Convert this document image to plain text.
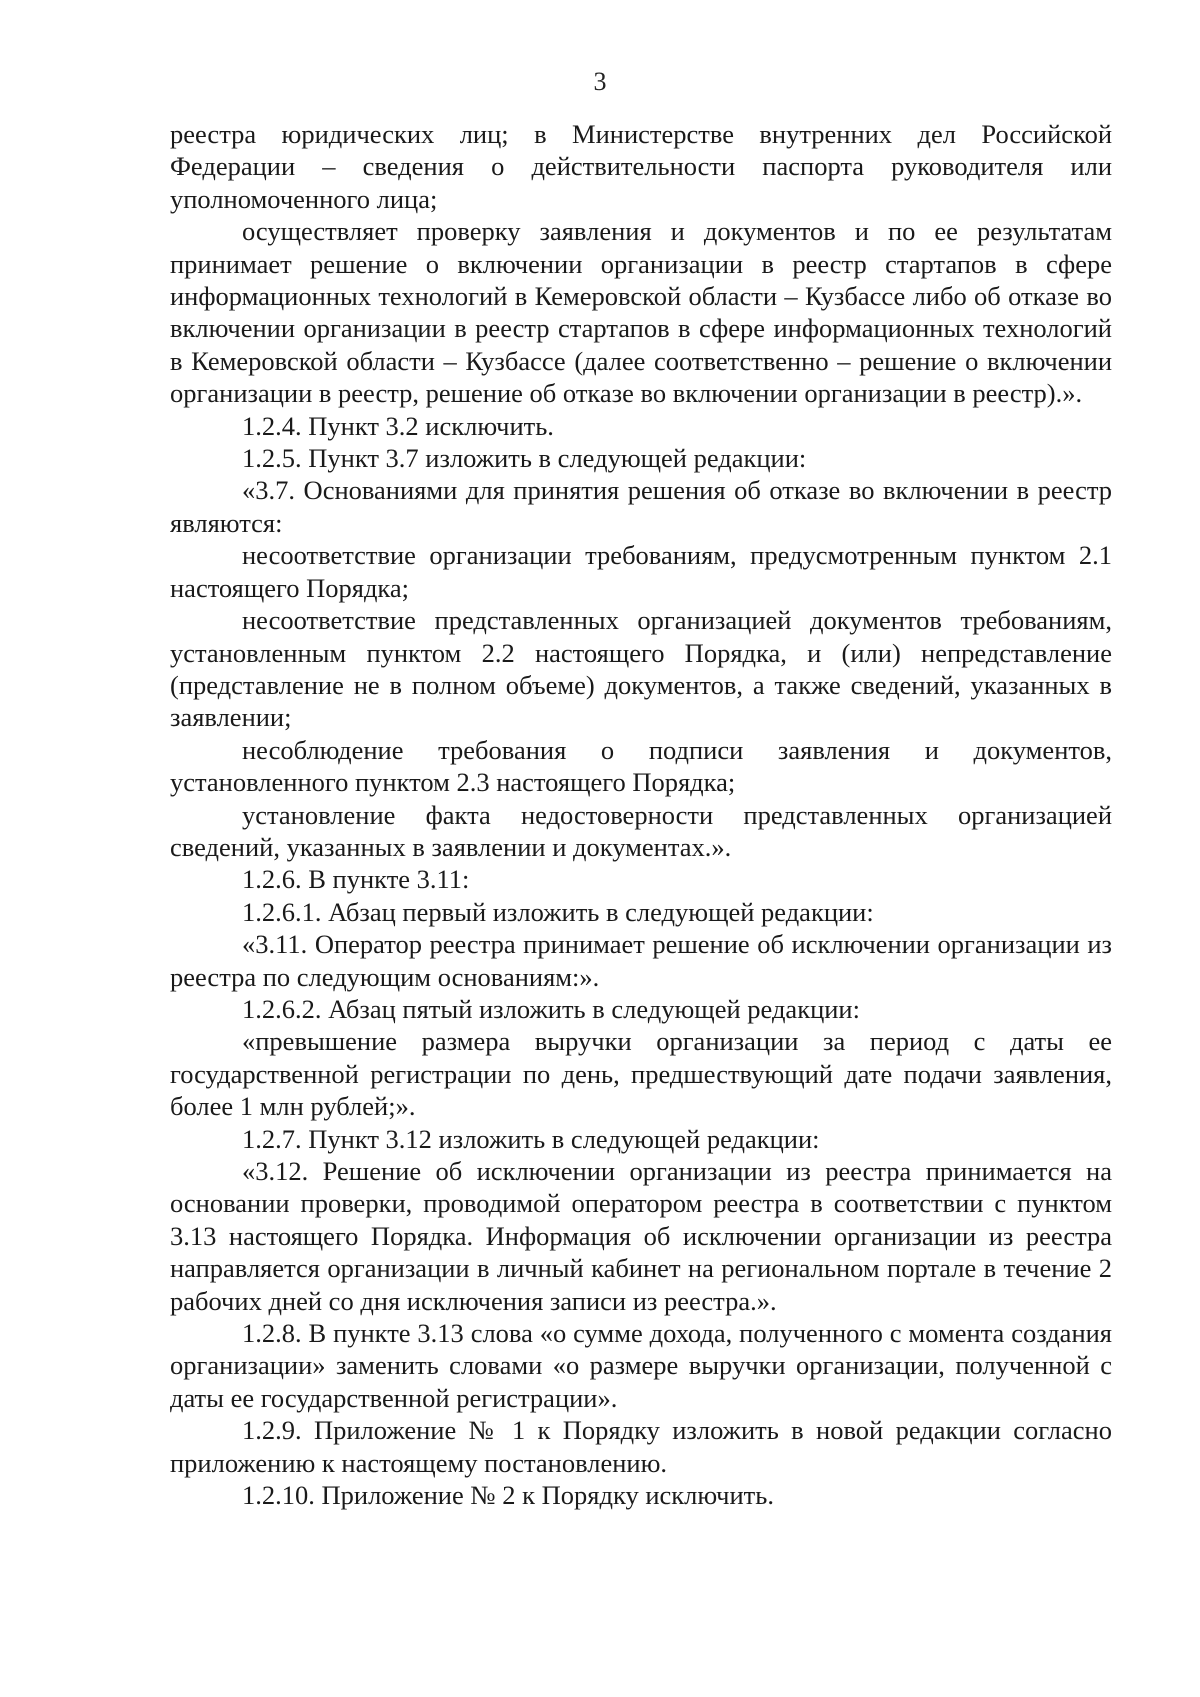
3

реестра юридических лиц; в Министерстве внутренних дел Российской Федерации – сведения о действительности паспорта руководителя или уполномоченного лица;

осуществляет проверку заявления и документов и по ее результатам принимает решение о включении организации в реестр стартапов в сфере информационных технологий в Кемеровской области – Кузбассе либо об отказе во включении организации в реестр стартапов в сфере информационных технологий в Кемеровской области – Кузбассе (далее соответственно – решение о включении организации в реестр, решение об отказе во включении организации в реестр).».

1.2.4. Пункт 3.2 исключить.

1.2.5. Пункт 3.7 изложить в следующей редакции:

«3.7. Основаниями для принятия решения об отказе во включении в реестр являются:

несоответствие организации требованиям, предусмотренным пунктом 2.1 настоящего Порядка;

несоответствие представленных организацией документов требованиям, установленным пунктом 2.2 настоящего Порядка, и (или) непредставление (представление не в полном объеме) документов, а также сведений, указанных в заявлении;

несоблюдение требования о подписи заявления и документов, установленного пунктом 2.3 настоящего Порядка;

установление факта недостоверности представленных организацией сведений, указанных в заявлении и документах.».

1.2.6. В пункте 3.11:

1.2.6.1. Абзац первый изложить в следующей редакции:

«3.11. Оператор реестра принимает решение об исключении организации из реестра по следующим основаниям:».

1.2.6.2. Абзац пятый изложить в следующей редакции:

«превышение размера выручки организации за период с даты ее государственной регистрации по день, предшествующий дате подачи заявления, более 1 млн рублей;».

1.2.7. Пункт 3.12 изложить в следующей редакции:

«3.12. Решение об исключении организации из реестра принимается на основании проверки, проводимой оператором реестра в соответствии с пунктом 3.13 настоящего Порядка. Информация об исключении организации из реестра направляется организации в личный кабинет на региональном портале в течение 2 рабочих дней со дня исключения записи из реестра.».

1.2.8. В пункте 3.13 слова «о сумме дохода, полученного с момента создания организации» заменить словами «о размере выручки организации, полученной с даты ее государственной регистрации».

1.2.9. Приложение № 1 к Порядку изложить в новой редакции согласно приложению к настоящему постановлению.

1.2.10. Приложение № 2 к Порядку исключить.
